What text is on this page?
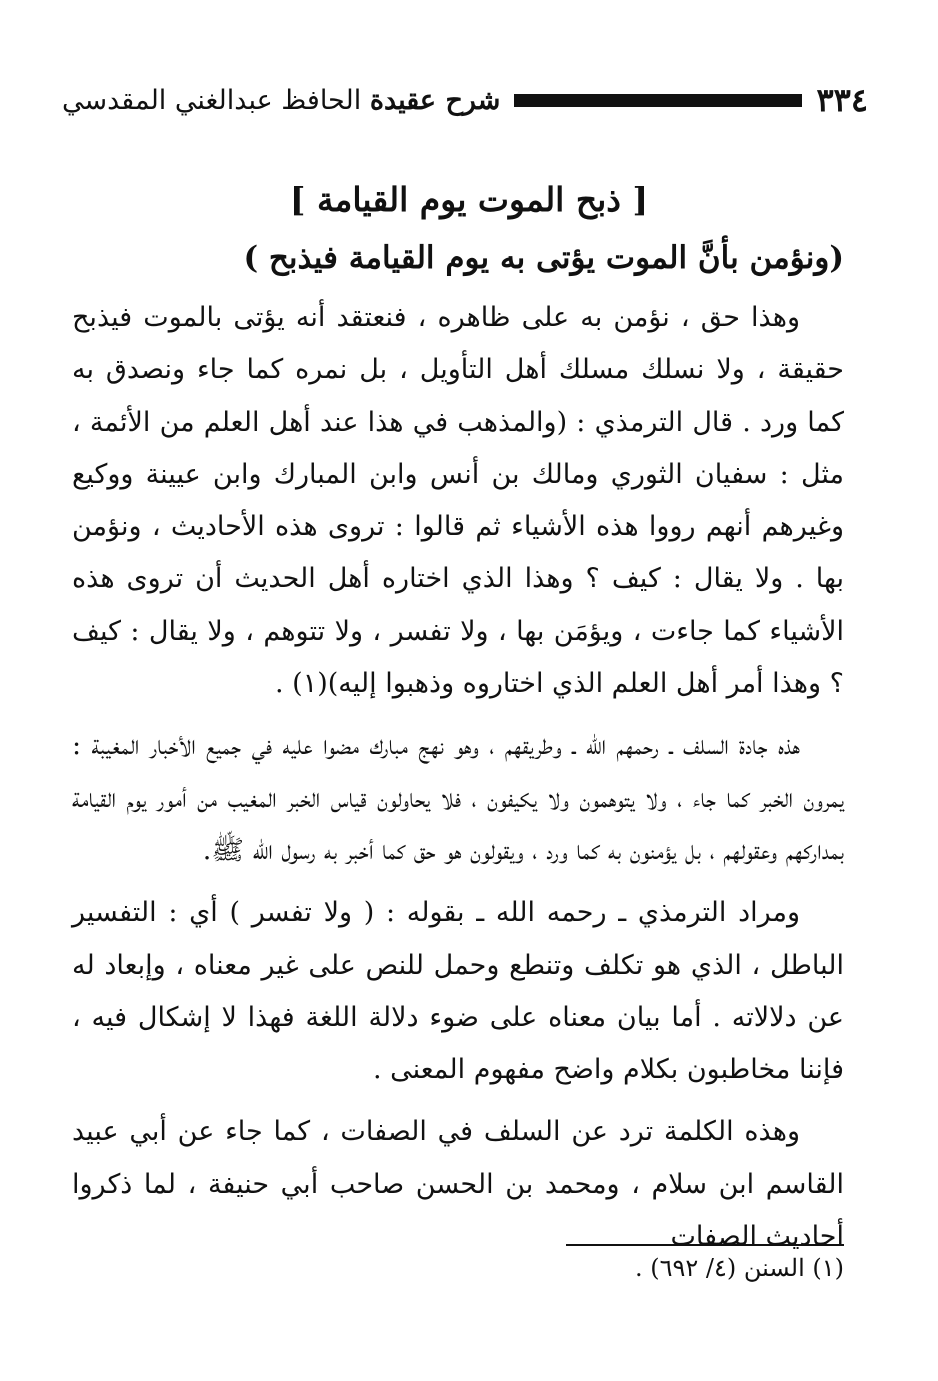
٣٣٤
شرح عقيدة الحافظ عبدالغني المقدسي
[ ذبح الموت يوم القيامة ]
(ونؤمن بأنَّ الموت يؤتى به يوم القيامة فيذبح )

وهذا حق ، نؤمن به على ظاهره ، فنعتقد أنه يؤتى بالموت فيذبح حقيقة ، ولا نسلك مسلك أهل التأويل ، بل نمره كما جاء ونصدق به كما ورد . قال الترمذي : (والمذهب في هذا عند أهل العلم من الأئمة ، مثل : سفيان الثوري ومالك بن أنس وابن المبارك وابن عيينة ووكيع وغيرهم أنهم رووا هذه الأشياء ثم قالوا : تروى هذه الأحاديث ، ونؤمن بها . ولا يقال : كيف ؟ وهذا الذي اختاره أهل الحديث أن تروى هذه الأشياء كما جاءت ، ويؤمَن بها ، ولا تفسر ، ولا تتوهم ، ولا يقال : كيف ؟ وهذا أمر أهل العلم الذي اختاروه وذهبوا إليه)(١) .

هذه جادة السلف ـ رحمهم الله ـ وطريقهم ، وهو نهج مبارك مضوا عليه في جميع الأخبار المغيبة : يمرون الخبر كما جاء ، ولا يتوهمون ولا يكيفون ، فلا يحاولون قياس الخبر المغيب من أمور يوم القيامة بمداركهم وعقولهم ، بل يؤمنون به كما ورد ، ويقولون هو حق كما أخبر به رسول الله ﷺ.

ومراد الترمذي ـ رحمه الله ـ بقوله : ( ولا تفسر ) أي : التفسير الباطل ، الذي هو تكلف وتنطع وحمل للنص على غير معناه ، وإبعاد له عن دلالاته . أما بيان معناه على ضوء دلالة اللغة فهذا لا إشكال فيه ، فإننا مخاطبون بكلام واضح مفهوم المعنى .

وهذه الكلمة ترد عن السلف في الصفات ، كما جاء عن أبي عبيد القاسم ابن سلام ، ومحمد بن الحسن صاحب أبي حنيفة ، لما ذكروا أحاديث الصفات

(١) السنن (٤/ ٦٩٢) .
